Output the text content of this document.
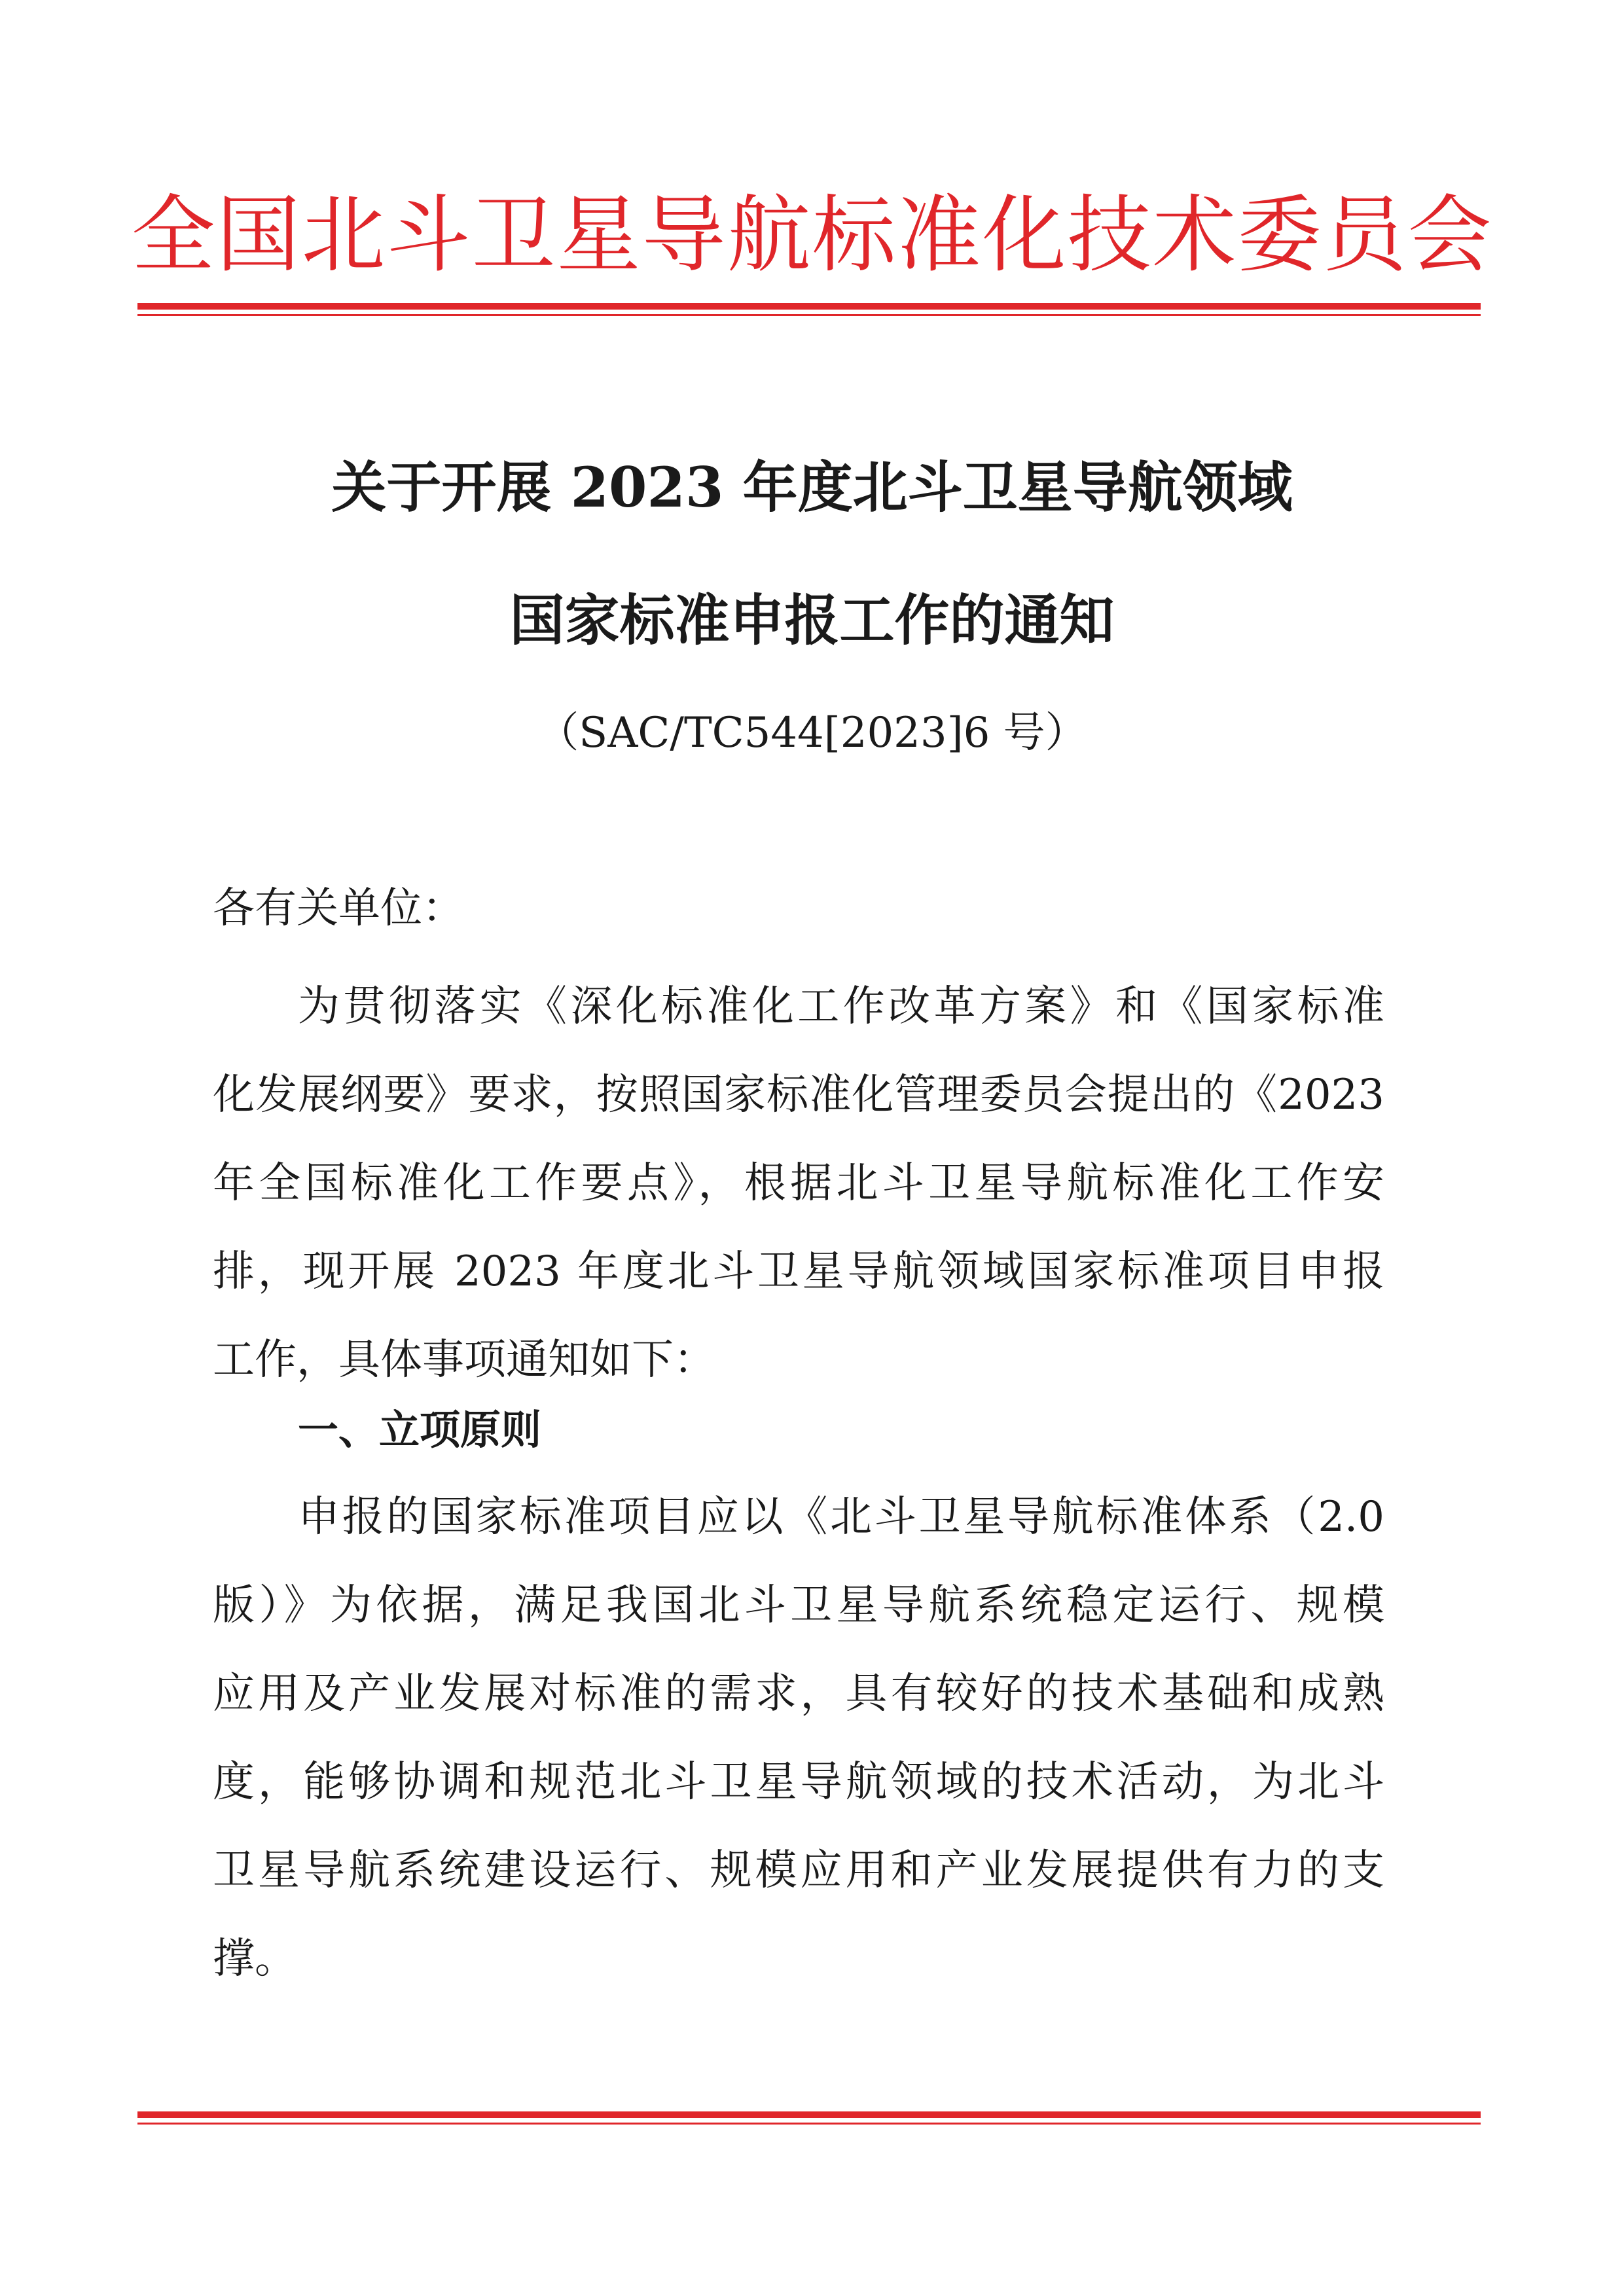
全国北斗卫星导航标准化技术委员会
关于开展 2023 年度北斗卫星导航领域
国家标准申报工作的通知
（SAC/TC544[2023]6 号）
各有关单位：
为贯彻落实《深化标准化工作改革方案》和《国家标准
化发展纲要》要求，按照国家标准化管理委员会提出的《2023
年全国标准化工作要点》，根据北斗卫星导航标准化工作安
排，现开展 2023 年度北斗卫星导航领域国家标准项目申报
工作，具体事项通知如下：
一、立项原则
申报的国家标准项目应以《北斗卫星导航标准体系（2.0
版）》为依据，满足我国北斗卫星导航系统稳定运行、规模
应用及产业发展对标准的需求，具有较好的技术基础和成熟
度，能够协调和规范北斗卫星导航领域的技术活动，为北斗
卫星导航系统建设运行、规模应用和产业发展提供有力的支
撑。
